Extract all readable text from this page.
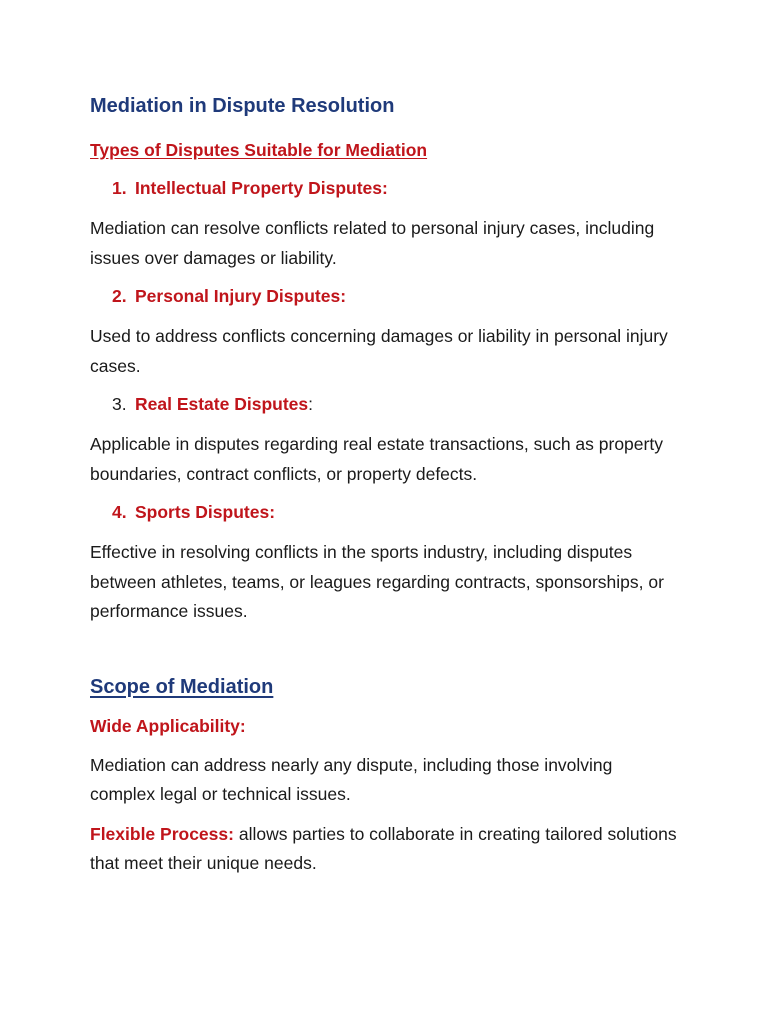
Mediation in Dispute Resolution
Types of Disputes Suitable for Mediation
1. Intellectual Property Disputes:

Mediation can resolve conflicts related to personal injury cases, including issues over damages or liability.

2. Personal Injury Disputes:

Used to address conflicts concerning damages or liability in personal injury cases.

3. Real Estate Disputes:

Applicable in disputes regarding real estate transactions, such as property boundaries, contract conflicts, or property defects.

4. Sports Disputes:

Effective in resolving conflicts in the sports industry, including disputes between athletes, teams, or leagues regarding contracts, sponsorships, or performance issues.

Scope of Mediation
Wide Applicability:

Mediation can address nearly any dispute, including those involving complex legal or technical issues.

Flexible Process: allows parties to collaborate in creating tailored solutions that meet their unique needs.
